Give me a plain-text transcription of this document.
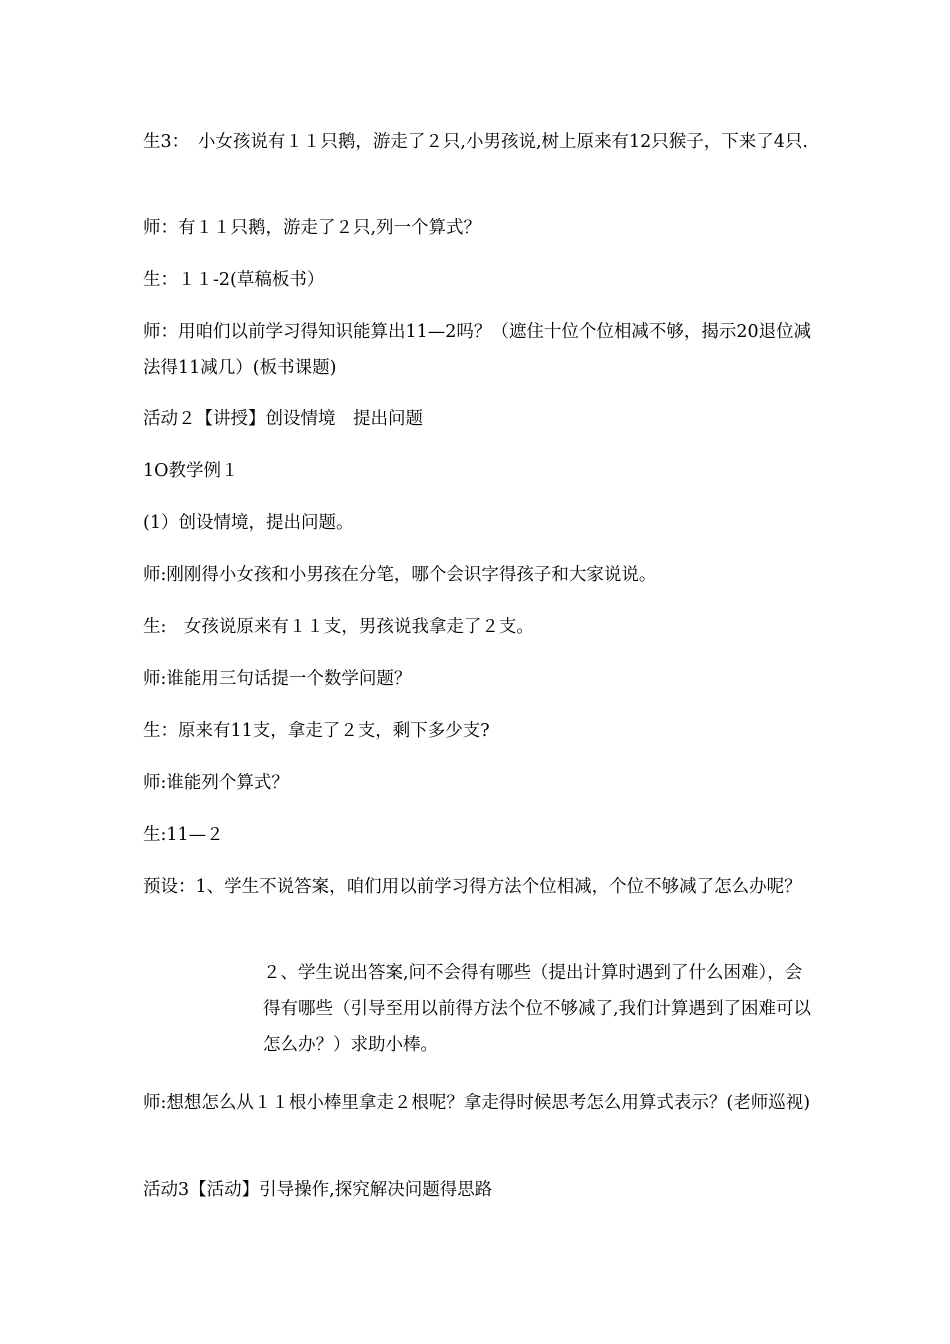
生3：　小女孩说有１１只鹅，游走了２只,小男孩说,树上原来有12只猴子，下来了4只.
师：有１１只鹅，游走了２只,列一个算式？
生：１１-2(草稿板书）
师：用咱们以前学习得知识能算出11—2吗？（遮住十位个位相减不够，揭示20退位减法得11减几）(板书课题)
活动２【讲授】创设情境　提出问题
1O教学例１
(1）创设情境，提出问题。
师:刚刚得小女孩和小男孩在分笔，哪个会识字得孩子和大家说说。
生:　女孩说原来有１１支，男孩说我拿走了２支。
师:谁能用三句话提一个数学问题？
生：原来有11支，拿走了２支，剩下多少支?
师:谁能列个算式？
生:11—２
预设：1、学生不说答案，咱们用以前学习得方法个位相减，个位不够减了怎么办呢？
２、学生说出答案,问不会得有哪些（提出计算时遇到了什么困难），会得有哪些（引导至用以前得方法个位不够减了,我们计算遇到了困难可以怎么办？）求助小棒。
师:想想怎么从１１根小棒里拿走２根呢？拿走得时候思考怎么用算式表示？(老师巡视)
活动3【活动】引导操作,探究解决问题得思路
